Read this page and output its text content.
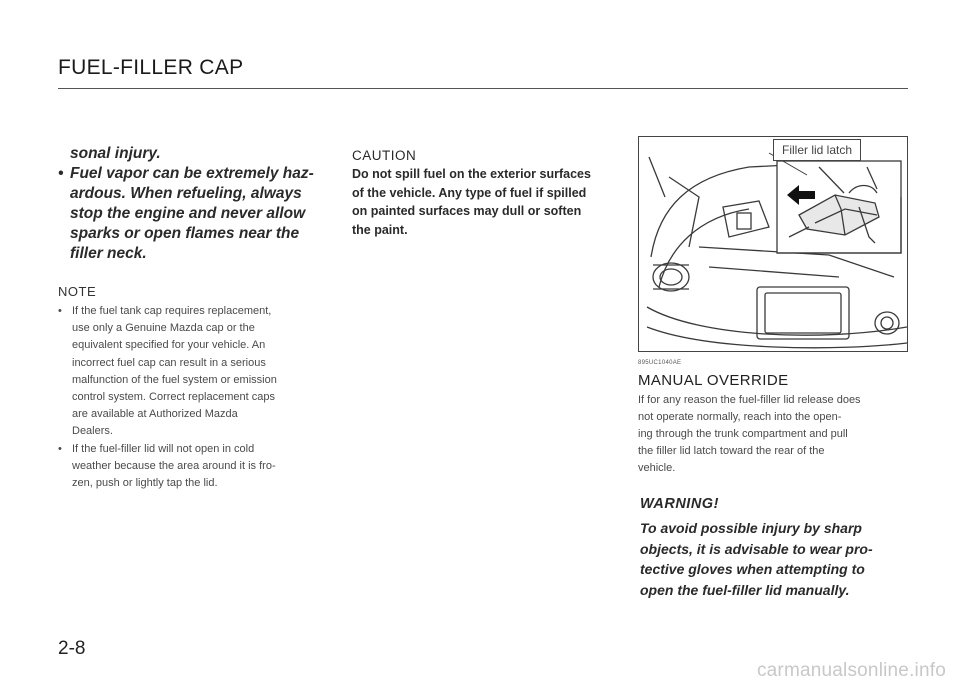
FUEL-FILLER CAP

sonal injury.

• Fuel vapor can be extremely haz-

ardous. When refueling, always

stop the engine and never allow

sparks or open flames near the

filler neck.

NOTE
• If the fuel tank cap requires replacement,
use only a Genuine Mazda cap or the
equivalent specified for your vehicle. An
incorrect fuel cap can result in a serious
malfunction of the fuel system or emission
control system. Correct replacement caps
are available at Authorized Mazda
Dealers.
• If the fuel-filler lid will not open in cold
weather because the area around it is fro-
zen, push or lightly tap the lid.
CAUTION
Do not spill fuel on the exterior surfaces
of the vehicle. Any type of fuel if spilled
on painted surfaces may dull or soften
the paint.
Filler lid latch
895UC1040AE
MANUAL OVERRIDE
If for any reason the fuel-filler lid release does
not operate normally, reach into the open-
ing through the trunk compartment and pull
the filler lid latch toward the rear of the
vehicle.
WARNING!
To avoid possible injury by sharp
objects, it is advisable to wear pro-
tective gloves when attempting to
open the fuel-filler lid manually.
2-8
carmanualsonline.info
